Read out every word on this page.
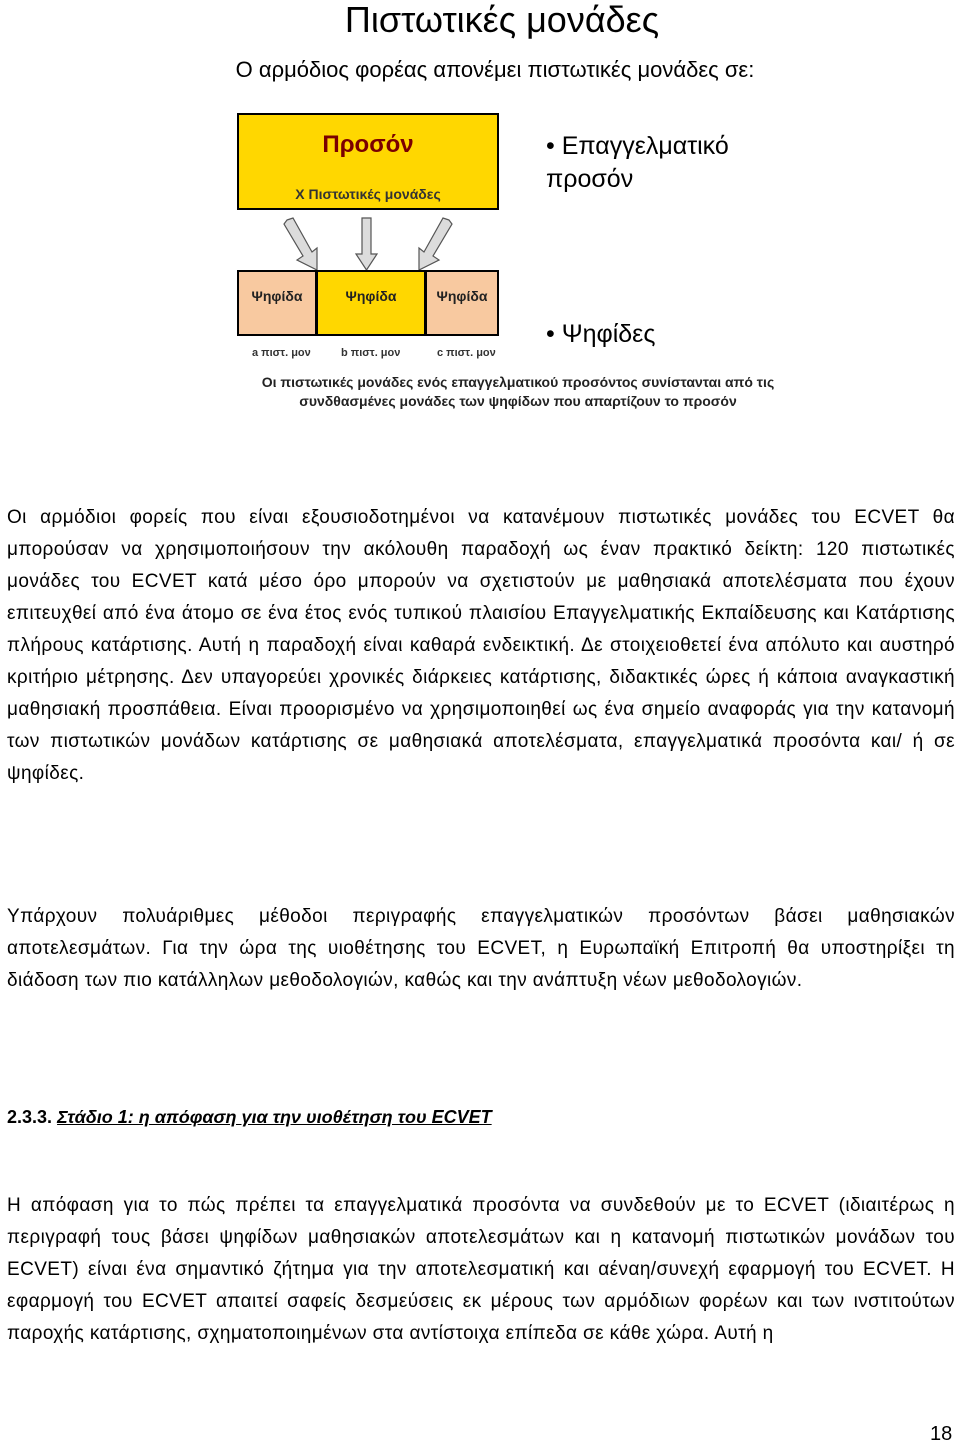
Πιστωτικές μονάδες
Ο αρμόδιος φορέας απονέμει πιστωτικές μονάδες σε:
Προσόν
Χ Πιστωτικές μονάδες
Ψηφίδα	Ψηφίδα	Ψηφίδα
a πιστ. μον	b πιστ. μον	c πιστ. μον
• Επαγγελματικό προσόν
• Ψηφίδες
Οι πιστωτικές μονάδες ενός επαγγελματικού προσόντος συνίστανται από τις συνδθασμένες μονάδες των ψηφίδων που απαρτίζουν το προσόν

Οι αρμόδιοι φορείς που είναι εξουσιοδοτημένοι να κατανέμουν πιστωτικές μονάδες του ECVET θα μπορούσαν να χρησιμοποιήσουν την ακόλουθη παραδοχή ως έναν πρακτικό δείκτη: 120 πιστωτικές μονάδες του ECVET κατά μέσο όρο μπορούν να σχετιστούν με μαθησιακά αποτελέσματα που έχουν επιτευχθεί από ένα άτομο σε ένα έτος ενός τυπικού πλαισίου Επαγγελματικής Εκπαίδευσης και Κατάρτισης πλήρους κατάρτισης. Αυτή η παραδοχή είναι καθαρά ενδεικτική. Δε στοιχειοθετεί ένα απόλυτο και αυστηρό κριτήριο μέτρησης. Δεν υπαγορεύει χρονικές διάρκειες κατάρτισης, διδακτικές ώρες ή κάποια αναγκαστική μαθησιακή προσπάθεια. Είναι προορισμένο να χρησιμοποιηθεί ως ένα σημείο αναφοράς για την κατανομή των πιστωτικών μονάδων κατάρτισης σε μαθησιακά αποτελέσματα, επαγγελματικά προσόντα και/ ή σε ψηφίδες.

Υπάρχουν πολυάριθμες μέθοδοι περιγραφής επαγγελματικών προσόντων βάσει μαθησιακών αποτελεσμάτων. Για την ώρα της υιοθέτησης του ECVET, η Ευρωπαϊκή Επιτροπή θα υποστηρίξει τη διάδοση των πιο κατάλληλων μεθοδολογιών, καθώς και την ανάπτυξη νέων μεθοδολογιών.

2.3.3. Στάδιο 1: η απόφαση για την υιοθέτηση του ECVET

Η απόφαση για το πώς πρέπει τα επαγγελματικά προσόντα να συνδεθούν με το ECVET (ιδιαιτέρως η περιγραφή τους βάσει ψηφίδων μαθησιακών αποτελεσμάτων και η κατανομή πιστωτικών μονάδων του ECVET) είναι ένα σημαντικό ζήτημα για την αποτελεσματική και αέναη/συνεχή εφαρμογή του ECVET. Η εφαρμογή του ECVET απαιτεί σαφείς δεσμεύσεις εκ μέρους των αρμόδιων φορέων και των ινστιτούτων παροχής κατάρτισης, σχηματοποιημένων στα αντίστοιχα επίπεδα σε κάθε χώρα. Αυτή η

18
